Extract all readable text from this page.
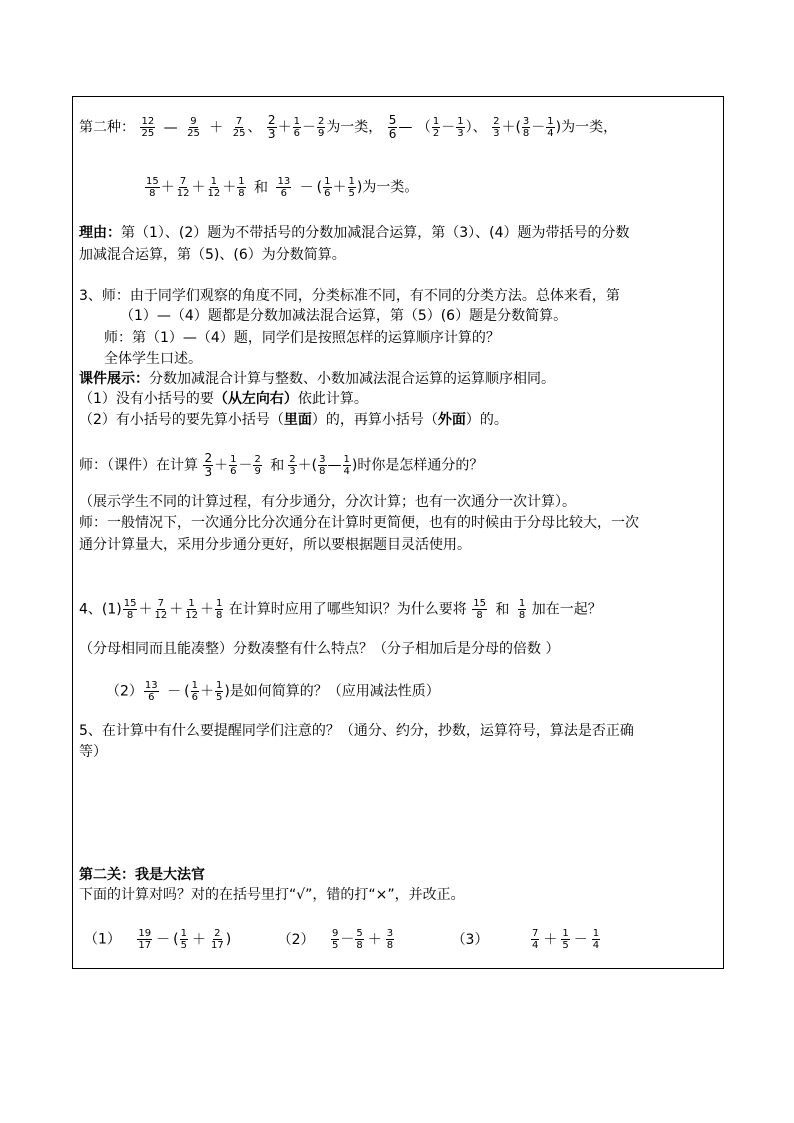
第二种： $\frac{12}{25}$ — $\frac{9}{25} + \frac{7}{25}$ 、 $\frac{2}{3} + \frac{1}{6} - \frac{2}{9}$ 为一类， $\frac{5}{6}$ — （ $\frac{1}{2} - \frac{1}{3}$ ）、 $\frac{2}{3}$ ＋( $\frac{3}{8} - \frac{1}{4}$ )为一类，
$\frac{15}{8} + \frac{7}{12} + \frac{1}{12} + \frac{1}{8}$ 和 $\frac{13}{6}$ － ( $\frac{1}{6} + \frac{1}{5}$ )为一类。
理由：第（1）、(2）题为不带括号的分数加减混合运算，第（3）、(4）题为带括号的分数
加减混合运算，第（5)、(6）为分数简算。
3、师：由于同学们观察的角度不同，分类标准不同，有不同的分类方法。总体来看，第
（1）—（4）题都是分数加减法混合运算，第（5）(6）题是分数简算。
师：第（1）—（4）题，同学们是按照怎样的运算顺序计算的？
全体学生口述。
课件展示：分数加减混合计算与整数、小数加减法混合运算的运算顺序相同。
（1）没有小括号的要（从左向右）依此计算。
（2）有小括号的要先算小括号（里面）的，再算小括号（外面）的。
师：（课件）在计算 $\frac{2}{3} + \frac{1}{6} - \frac{2}{9}$ 和 $\frac{2}{3}$ ＋( $\frac{3}{8}$ — $\frac{1}{4}$ )时你是怎样通分的？
（展示学生不同的计算过程，有分步通分，分次计算；也有一次通分一次计算）。
师：一般情况下，一次通分比分次通分在计算时更简便，也有的时候由于分母比较大，一次
通分计算量大，采用分步通分更好，所以要根据题目灵活使用。
4、$(1) \frac{15}{8} + \frac{7}{12} + \frac{1}{12} + \frac{1}{8}$ 在计算时应用了哪些知识？为什么要将 $\frac{15}{8}$ 和 $\frac{1}{8}$ 加在一起？
（分母相同而且能凑整）分数凑整有什么特点？（分子相加后是分母的倍数 ）
$(2) \frac{13}{6}$ － ( $\frac{1}{6} + \frac{1}{5}$ )是如何简算的？（应用减法性质）
5、在计算中有什么要提醒同学们注意的？（通分、约分，抄数，运算符号，算法是否正确
等）
第二关：我是大法官
下面的计算对吗？对的在括号里打“√”，错的打“×”，并改正。
$(1) \frac{19}{17}$ － ( $\frac{1}{5} + \frac{2}{17}$ )	$(2) \frac{9}{5} - \frac{5}{8} + \frac{3}{8}$	（3）	$\frac{7}{4} + \frac{1}{5} - \frac{1}{4}$
